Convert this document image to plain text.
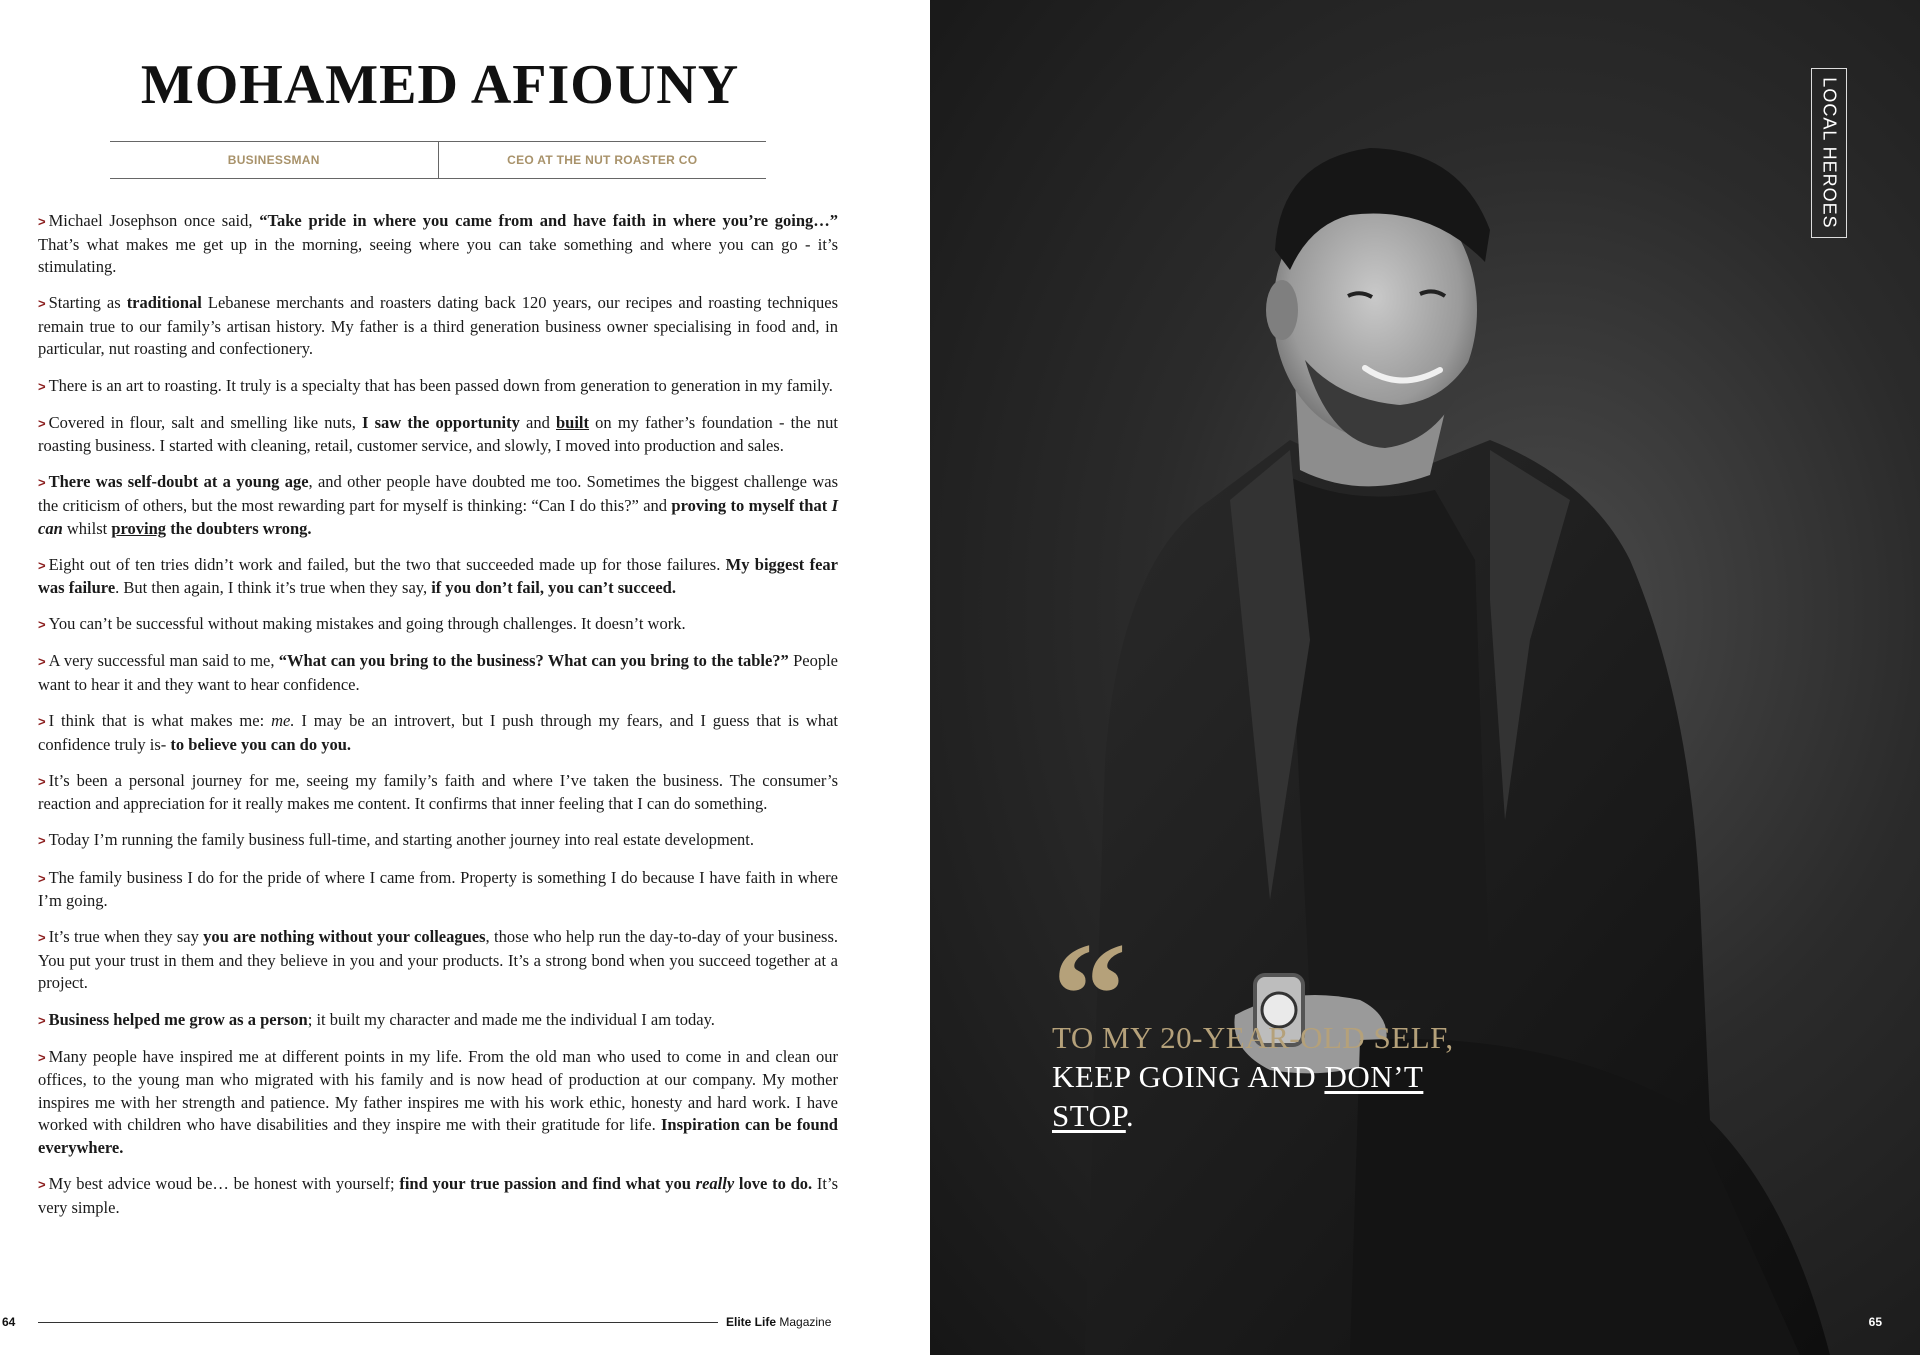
MOHAMED AFIOUNY
BUSINESSMAN	CEO AT THE NUT ROASTER CO

> Michael Josephson once said, “Take pride in where you came from and have faith in where you’re going…” That’s what makes me get up in the morning, seeing where you can take something and where you can go - it’s stimulating.

> Starting as traditional Lebanese merchants and roasters dating back 120 years, our recipes and roasting techniques remain true to our family’s artisan history. My father is a third generation business owner specialising in food and, in particular, nut roasting and confectionery.

> There is an art to roasting. It truly is a specialty that has been passed down from generation to generation in my family.

> Covered in flour, salt and smelling like nuts, I saw the opportunity and built on my father’s foundation - the nut roasting business. I started with cleaning, retail, customer service, and slowly, I moved into production and sales.

> There was self-doubt at a young age, and other people have doubted me too. Sometimes the biggest challenge was the criticism of others, but the most rewarding part for myself is thinking: “Can I do this?” and proving to myself that I can whilst proving the doubters wrong.

> Eight out of ten tries didn’t work and failed, but the two that succeeded made up for those failures. My biggest fear was failure. But then again, I think it’s true when they say, if you don’t fail, you can’t succeed.

> You can’t be successful without making mistakes and going through challenges. It doesn’t work.

> A very successful man said to me, “What can you bring to the business? What can you bring to the table?” People want to hear it and they want to hear confidence.

> I think that is what makes me: me. I may be an introvert, but I push through my fears, and I guess that is what confidence truly is- to believe you can do you.

> It’s been a personal journey for me, seeing my family’s faith and where I’ve taken the business. The consumer’s reaction and appreciation for it really makes me content. It confirms that inner feeling that I can do something.

> Today I’m running the family business full-time, and starting another journey into real estate development.

> The family business I do for the pride of where I came from. Property is something I do because I have faith in where I’m going.

> It’s true when they say you are nothing without your colleagues, those who help run the day-to-day of your business. You put your trust in them and they believe in you and your products. It’s a strong bond when you succeed together at a project.

> Business helped me grow as a person; it built my character and made me the individual I am today.

> Many people have inspired me at different points in my life. From the old man who used to come in and clean our offices, to the young man who migrated with his family and is now head of production at our company. My mother inspires me with her strength and patience. My father inspires me with his work ethic, honesty and hard work. I have worked with children who have disabilities and they inspire me with their gratitude for life. Inspiration can be found everywhere.

> My best advice woud be… be honest with yourself; find your true passion and find what you really love to do. It’s very simple.

64	Elite Life Magazine
LOCAL HEROES
“
TO MY 20-YEAR-OLD SELF, KEEP GOING AND DON’T STOP.
65
